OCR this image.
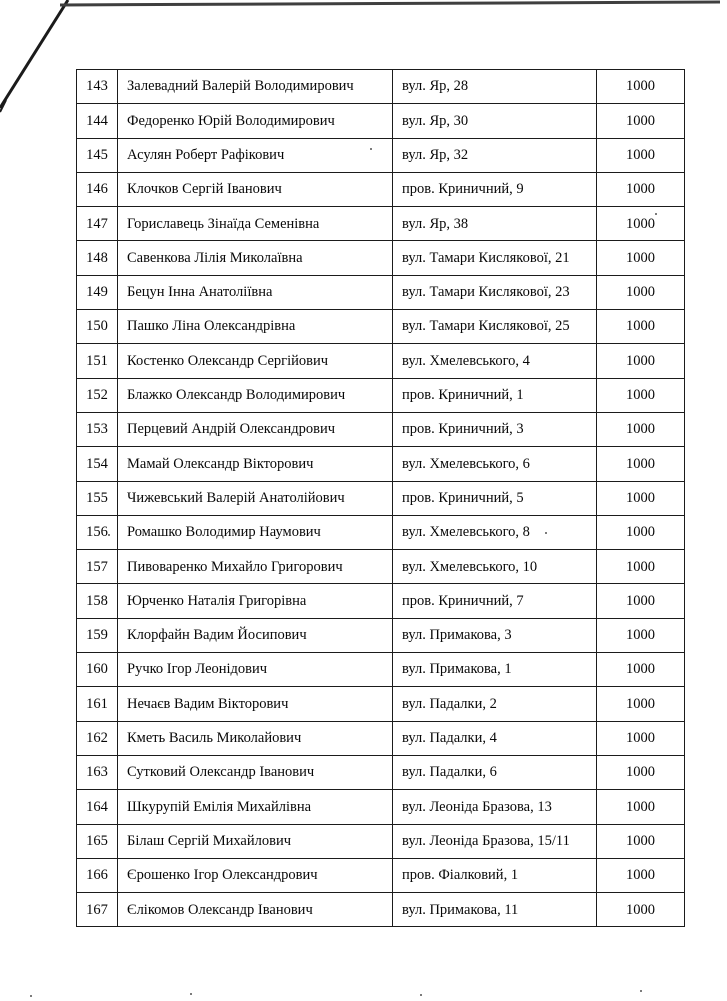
143	Залевадний Валерій Володимирович	вул. Яр, 28	1000
144	Федоренко Юрій Володимирович	вул. Яр, 30	1000
145	Асулян Роберт Рафікович	вул. Яр, 32	1000
146	Клочков Сергій Іванович	пров. Криничний, 9	1000
147	Гориславець Зінаїда Семенівна	вул. Яр, 38	1000
148	Савенкова Лілія Миколаївна	вул. Тамари Кислякової, 21	1000
149	Бецун Інна Анатоліївна	вул. Тамари Кислякової, 23	1000
150	Пашко Ліна Олександрівна	вул. Тамари Кислякової, 25	1000
151	Костенко Олександр Сергійович	вул. Хмелевського, 4	1000
152	Блажко Олександр Володимирович	пров. Криничний, 1	1000
153	Перцевий Андрій Олександрович	пров. Криничний, 3	1000
154	Мамай Олександр Вікторович	вул. Хмелевського, 6	1000
155	Чижевський Валерій Анатолійович	пров. Криничний, 5	1000
156	Ромашко Володимир Наумович	вул. Хмелевського, 8	1000
157	Пивоваренко Михайло Григорович	вул. Хмелевського, 10	1000
158	Юрченко Наталія Григорівна	пров. Криничний, 7	1000
159	Клорфайн Вадим Йосипович	вул. Примакова, 3	1000
160	Ручко Ігор Леонідович	вул. Примакова, 1	1000
161	Нечаєв Вадим Вікторович	вул. Падалки, 2	1000
162	Кметь Василь Миколайович	вул. Падалки, 4	1000
163	Сутковий Олександр Іванович	вул. Падалки, 6	1000
164	Шкурупій Емілія Михайлівна	вул. Леоніда Бразова, 13	1000
165	Білаш Сергій Михайлович	вул. Леоніда Бразова, 15/11	1000
166	Єрошенко Ігор Олександрович	пров. Фіалковий, 1	1000
167	Єлікомов Олександр Іванович	вул. Примакова, 11	1000
